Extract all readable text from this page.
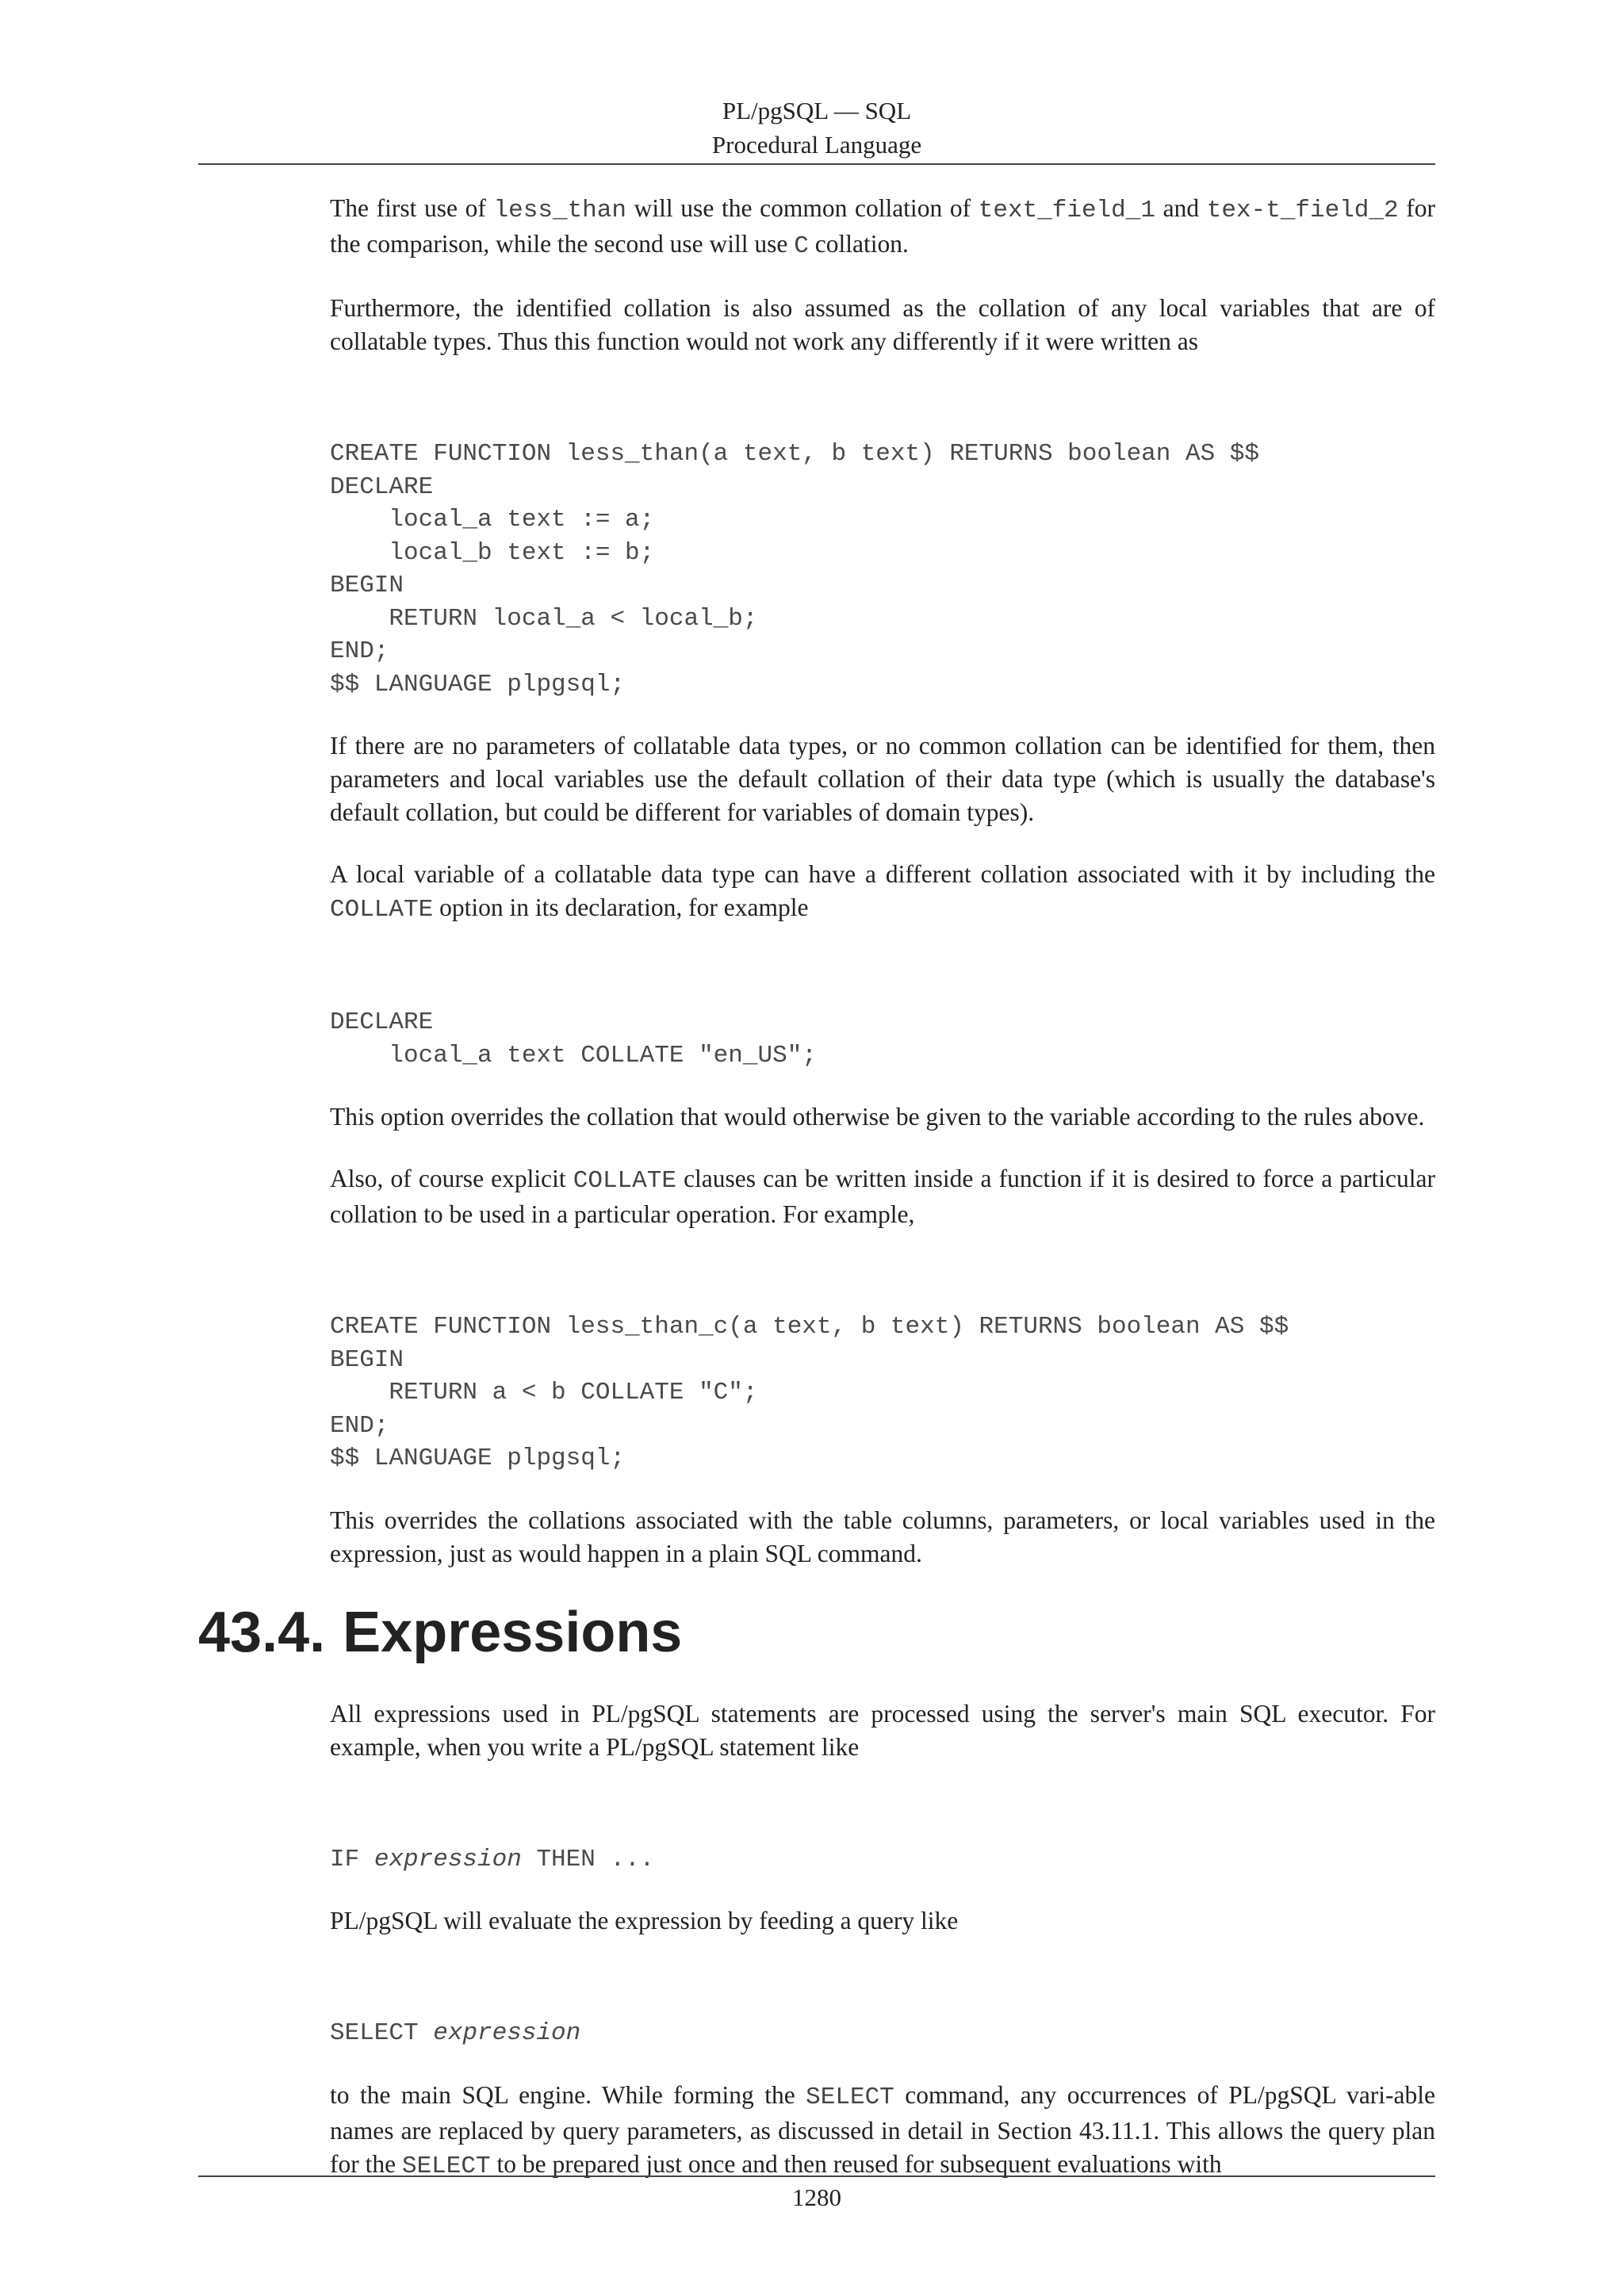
PL/pgSQL — SQL
Procedural Language

The first use of less_than will use the common collation of text_field_1 and tex-t_field_2 for the comparison, while the second use will use C collation.

Furthermore, the identified collation is also assumed as the collation of any local variables that are of collatable types. Thus this function would not work any differently if it were written as

CREATE FUNCTION less_than(a text, b text) RETURNS boolean AS $$
DECLARE
local_a text := a;
local_b text := b;
BEGIN
RETURN local_a < local_b;
END;
$$ LANGUAGE plpgsql;

If there are no parameters of collatable data types, or no common collation can be identified for them, then parameters and local variables use the default collation of their data type (which is usually the database's default collation, but could be different for variables of domain types).

A local variable of a collatable data type can have a different collation associated with it by including the COLLATE option in its declaration, for example

DECLARE
local_a text COLLATE "en_US";

This option overrides the collation that would otherwise be given to the variable according to the rules above.

Also, of course explicit COLLATE clauses can be written inside a function if it is desired to force a particular collation to be used in a particular operation. For example,

CREATE FUNCTION less_than_c(a text, b text) RETURNS boolean AS $$
BEGIN
RETURN a < b COLLATE "C";
END;
$$ LANGUAGE plpgsql;

This overrides the collations associated with the table columns, parameters, or local variables used in the expression, just as would happen in a plain SQL command.

43.4. Expressions

All expressions used in PL/pgSQL statements are processed using the server's main SQL executor. For example, when you write a PL/pgSQL statement like

IF expression THEN ...

PL/pgSQL will evaluate the expression by feeding a query like

SELECT expression

to the main SQL engine. While forming the SELECT command, any occurrences of PL/pgSQL vari-able names are replaced by query parameters, as discussed in detail in Section 43.11.1. This allows the query plan for the SELECT to be prepared just once and then reused for subsequent evaluations with

1280
